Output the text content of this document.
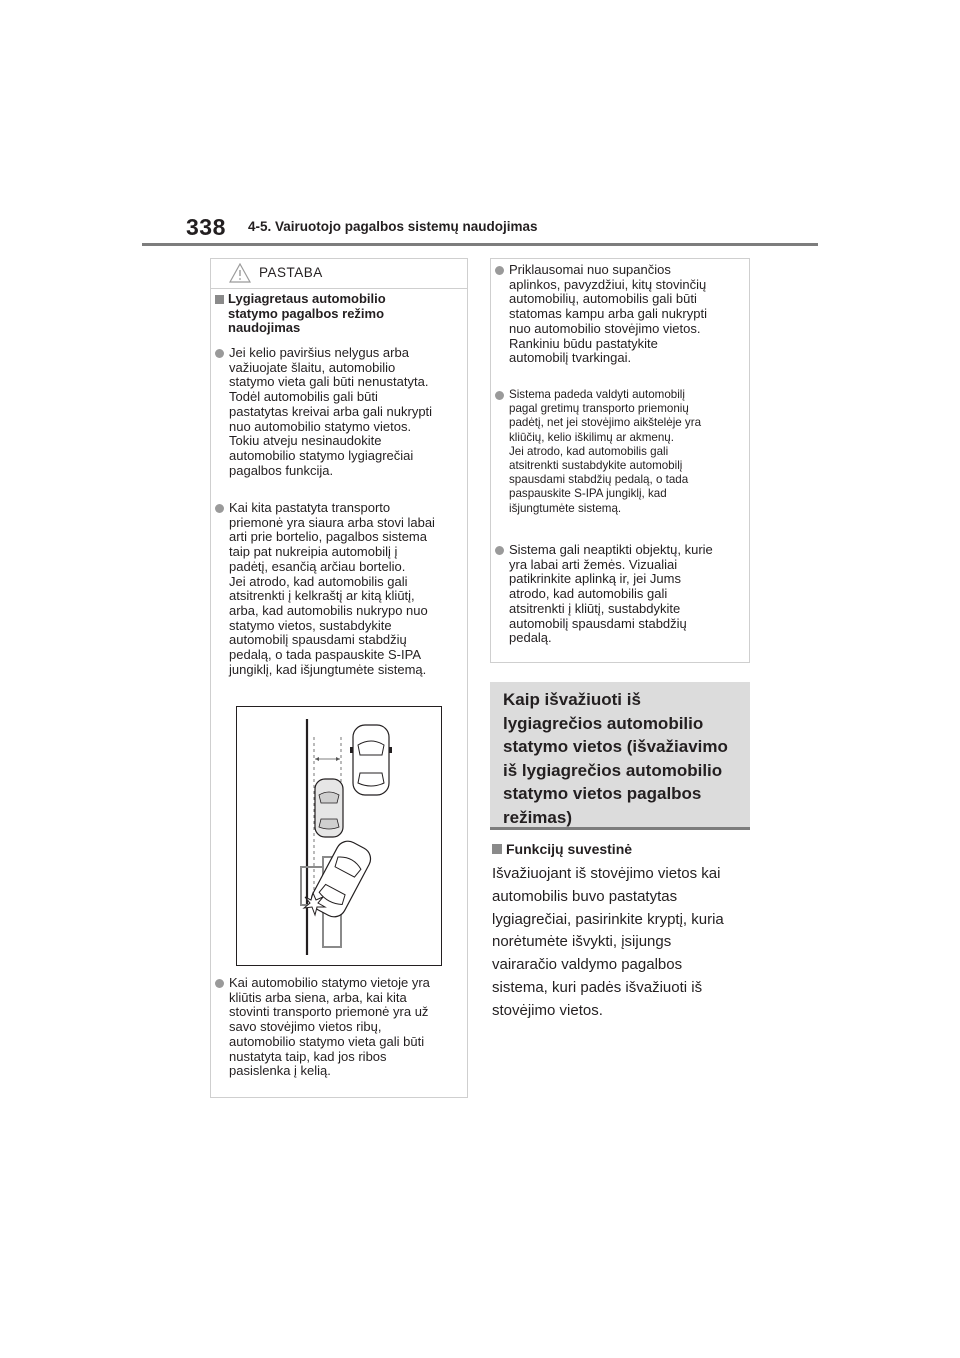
338 4-5. Vairuotojo pagalbos sistemų naudojimas
PASTABA
Lygiagretaus automobilio
statymo pagalbos režimo
naudojimas
Jei kelio paviršius nelygus arba
važiuojate šlaitu, automobilio
statymo vieta gali būti nenustatyta.
Todėl automobilis gali būti
pastatytas kreivai arba gali nukrypti
nuo automobilio statymo vietos.
Tokiu atveju nesinaudokite
automobilio statymo lygiagrečiai
pagalbos funkcija.
Kai kita pastatyta transporto
priemonė yra siaura arba stovi labai
arti prie bortelio, pagalbos sistema
taip pat nukreipia automobilį į
padėtį, esančią arčiau bortelio.
Jei atrodo, kad automobilis gali
atsitrenkti į kelkraštį ar kitą kliūtį,
arba, kad automobilis nukrypo nuo
statymo vietos, sustabdykite
automobilį spausdami stabdžių
pedalą, o tada paspauskite S-IPA
jungiklį, kad išjungtumėte sistemą.
Kai automobilio statymo vietoje yra
kliūtis arba siena, arba, kai kita
stovinti transporto priemonė yra už
savo stovėjimo vietos ribų,
automobilio statymo vieta gali būti
nustatyta taip, kad jos ribos
pasislenka į kelią.
Priklausomai nuo supančios
aplinkos, pavyzdžiui, kitų stovinčių
automobilių, automobilis gali būti
statomas kampu arba gali nukrypti
nuo automobilio stovėjimo vietos.
Rankiniu būdu pastatykite
automobilį tvarkingai.
Sistema padeda valdyti automobilį
pagal gretimų transporto priemonių
padėtį, net jei stovėjimo aikštelėje yra
kliūčių, kelio iškilimų ar akmenų.
Jei atrodo, kad automobilis gali
atsitrenkti sustabdykite automobilį
spausdami stabdžių pedalą, o tada
paspauskite S-IPA jungiklį, kad
išjungtumėte sistemą.
Sistema gali neaptikti objektų, kurie
yra labai arti žemės. Vizualiai
patikrinkite aplinką ir, jei Jums
atrodo, kad automobilis gali
atsitrenkti į kliūtį, sustabdykite
automobilį spausdami stabdžių
pedalą.
Kaip išvažiuoti iš
lygiagrečios automobilio
statymo vietos (išvažiavimo
iš lygiagrečios automobilio
statymo vietos pagalbos
režimas)
Funkcijų suvestinė
Išvažiuojant iš stovėjimo vietos kai
automobilis buvo pastatytas
lygiagrečiai, pasirinkite kryptį, kuria
norėtumėte išvykti, įsijungs
vairaračio valdymo pagalbos
sistema, kuri padės išvažiuoti iš
stovėjimo vietos.
